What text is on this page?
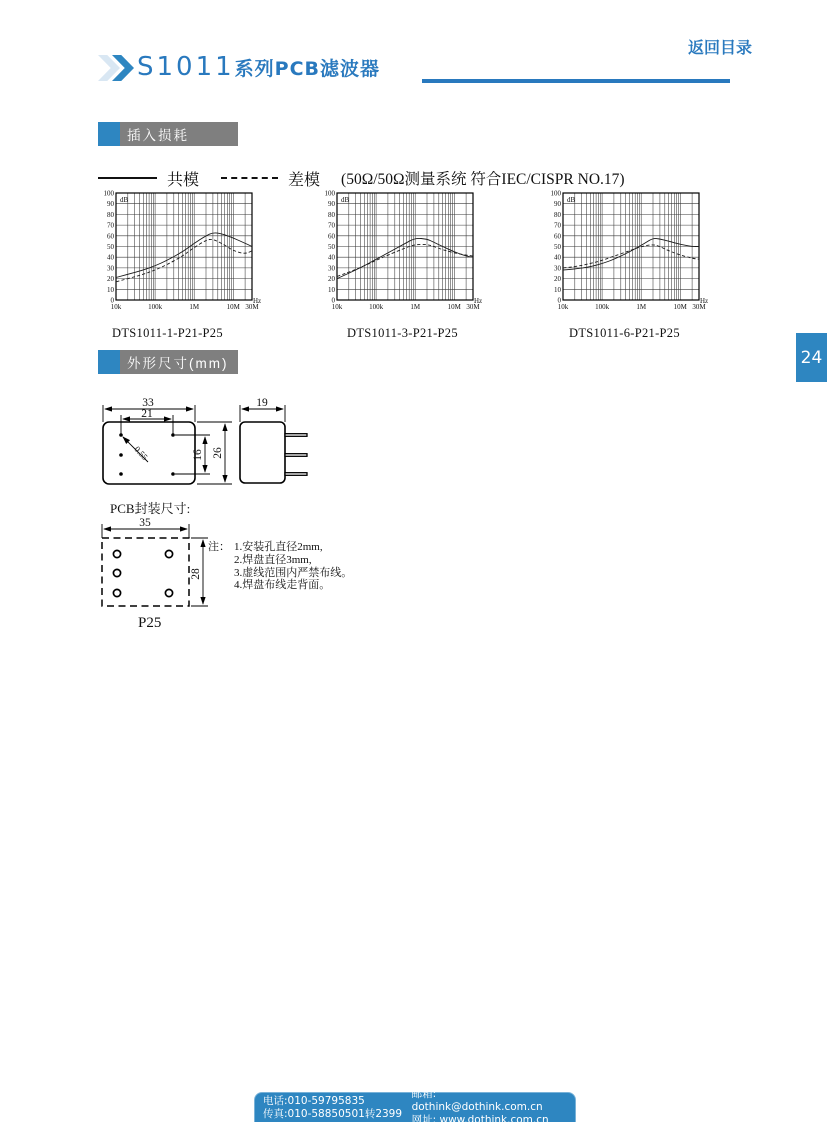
返回目录
S1011 系列PCB滤波器
插入损耗
共模	差模 (50Ω/50Ω测量系统 符合IEC/CISPR NO.17)
0
10
20
30
40
50
60
70
80
90
100
10k	100k	1M	10M 30M
Hz
dB
DTS1011-1-P21-P25
0
10
20
30
40
50
60
70
80
90
100
10k	100k	1M	10M 30M
Hz
dB
DTS1011-3-P21-P25
0
10
20
30
40
50
60
70
80
90
100
10k	100k	1M	10M 30M
Hz
dB
DTS1011-6-P21-P25
24
外形尺寸(mm)
33
21
16 26
19
0.55
PCB封装尺寸:
35
28
P25
注： 1.安装孔直径2mm,
2.焊盘直径3mm,
3.虚线范围内严禁布线。
4.焊盘布线走背面。
电话:010-59795835
传真:010-58850501转2399
邮箱: dothink@dothink.com.cn
网址: www.dothink.com.cn
